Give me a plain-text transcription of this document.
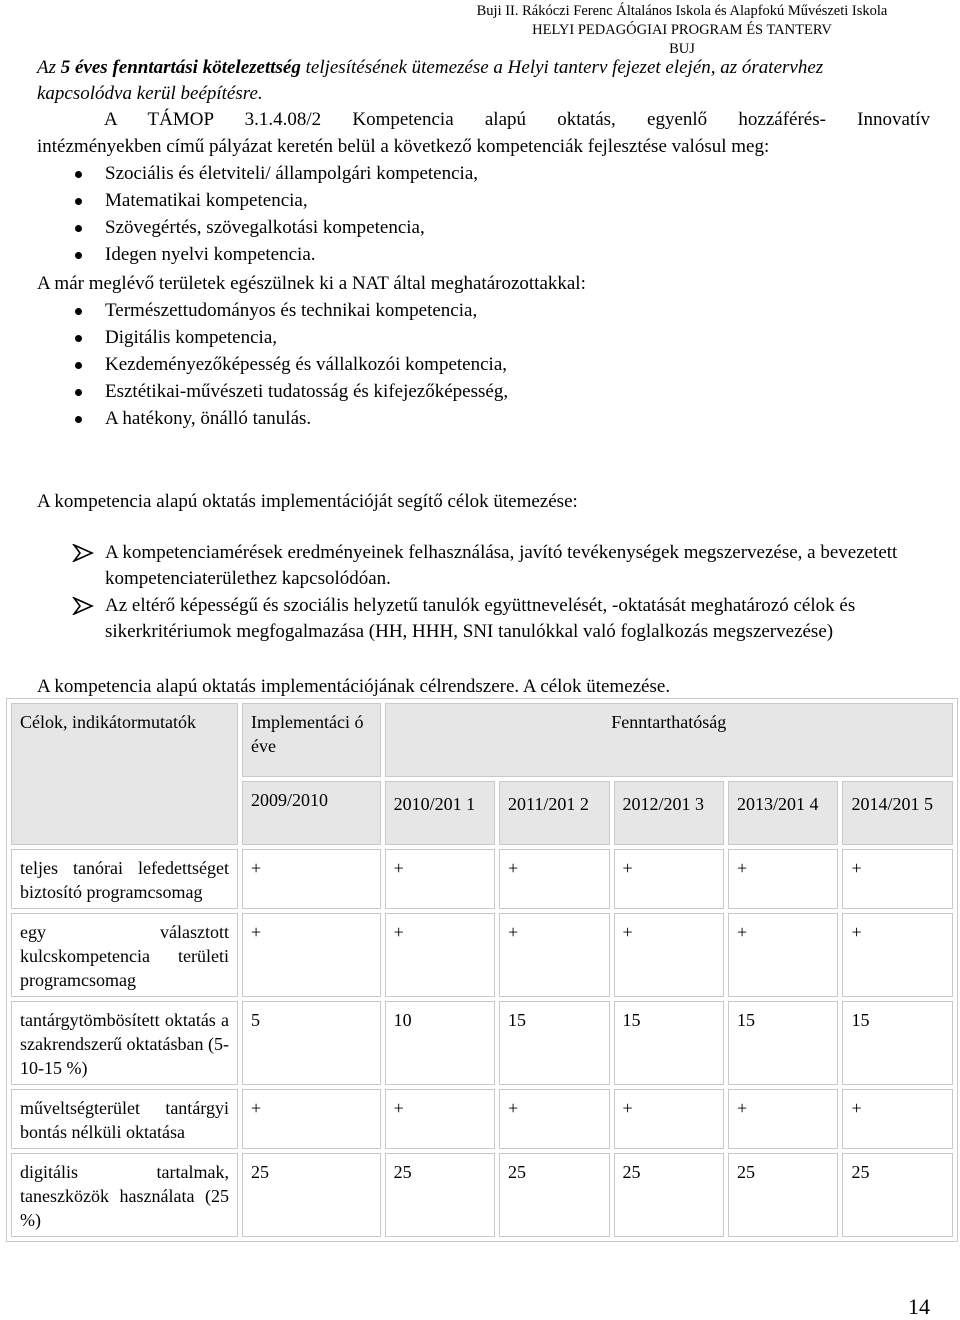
Buji II. Rákóczi Ferenc Általános Iskola és Alapfokú Művészeti Iskola
HELYI PEDAGÓGIAI PROGRAM ÉS TANTERV
BUJ
Az 5 éves fenntartási kötelezettség teljesítésének ütemezése a Helyi tanterv fejezet elején, az óratervhez kapcsolódva kerül beépítésre.
A TÁMOP 3.1.4.08/2 Kompetencia alapú oktatás, egyenlő hozzáférés- Innovatív
intézményekben című pályázat keretén belül a következő kompetenciák fejlesztése valósul meg:
Szociális és életviteli/ állampolgári kompetencia,
Matematikai kompetencia,
Szövegértés, szövegalkotási kompetencia,
Idegen nyelvi kompetencia.
A már meglévő területek egészülnek ki a NAT által meghatározottakkal:
Természettudományos és technikai kompetencia,
Digitális kompetencia,
Kezdeményezőképesség és vállalkozói kompetencia,
Esztétikai-művészeti tudatosság és kifejezőképesség,
A hatékony, önálló tanulás.
A kompetencia alapú oktatás implementációját segítő célok ütemezése:
A kompetenciamérések eredményeinek felhasználása, javító tevékenységek megszervezése, a bevezetett kompetenciaterülethez kapcsolódóan.
Az eltérő képességű és szociális helyzetű tanulók együttnevelését, -oktatását meghatározó célok és sikerkritériumok megfogalmazása (HH, HHH, SNI tanulókkal való foglalkozás megszervezése)
A kompetencia alapú oktatás implementációjának célrendszere. A célok ütemezése.
Célok, indikátormutatók	Implementáci ó éve	Fenntarthatóság				
	2009/2010	2010/201 1	2011/201 2	2012/201 3	2013/201 4	2014/201 5
teljes tanórai lefedettséget biztosító programcsomag	+	+	+	+	+	+
egy választott kulcskompetencia területi programcsomag	+	+	+	+	+	+
tantárgytömbösített oktatás a szakrendszerű oktatásban (5-10-15 %)	5	10	15	15	15	15
műveltségterület tantárgyi bontás nélküli oktatása	+	+	+	+	+	+
digitális tartalmak, taneszközök használata (25 %)	25	25	25	25	25	25
14
